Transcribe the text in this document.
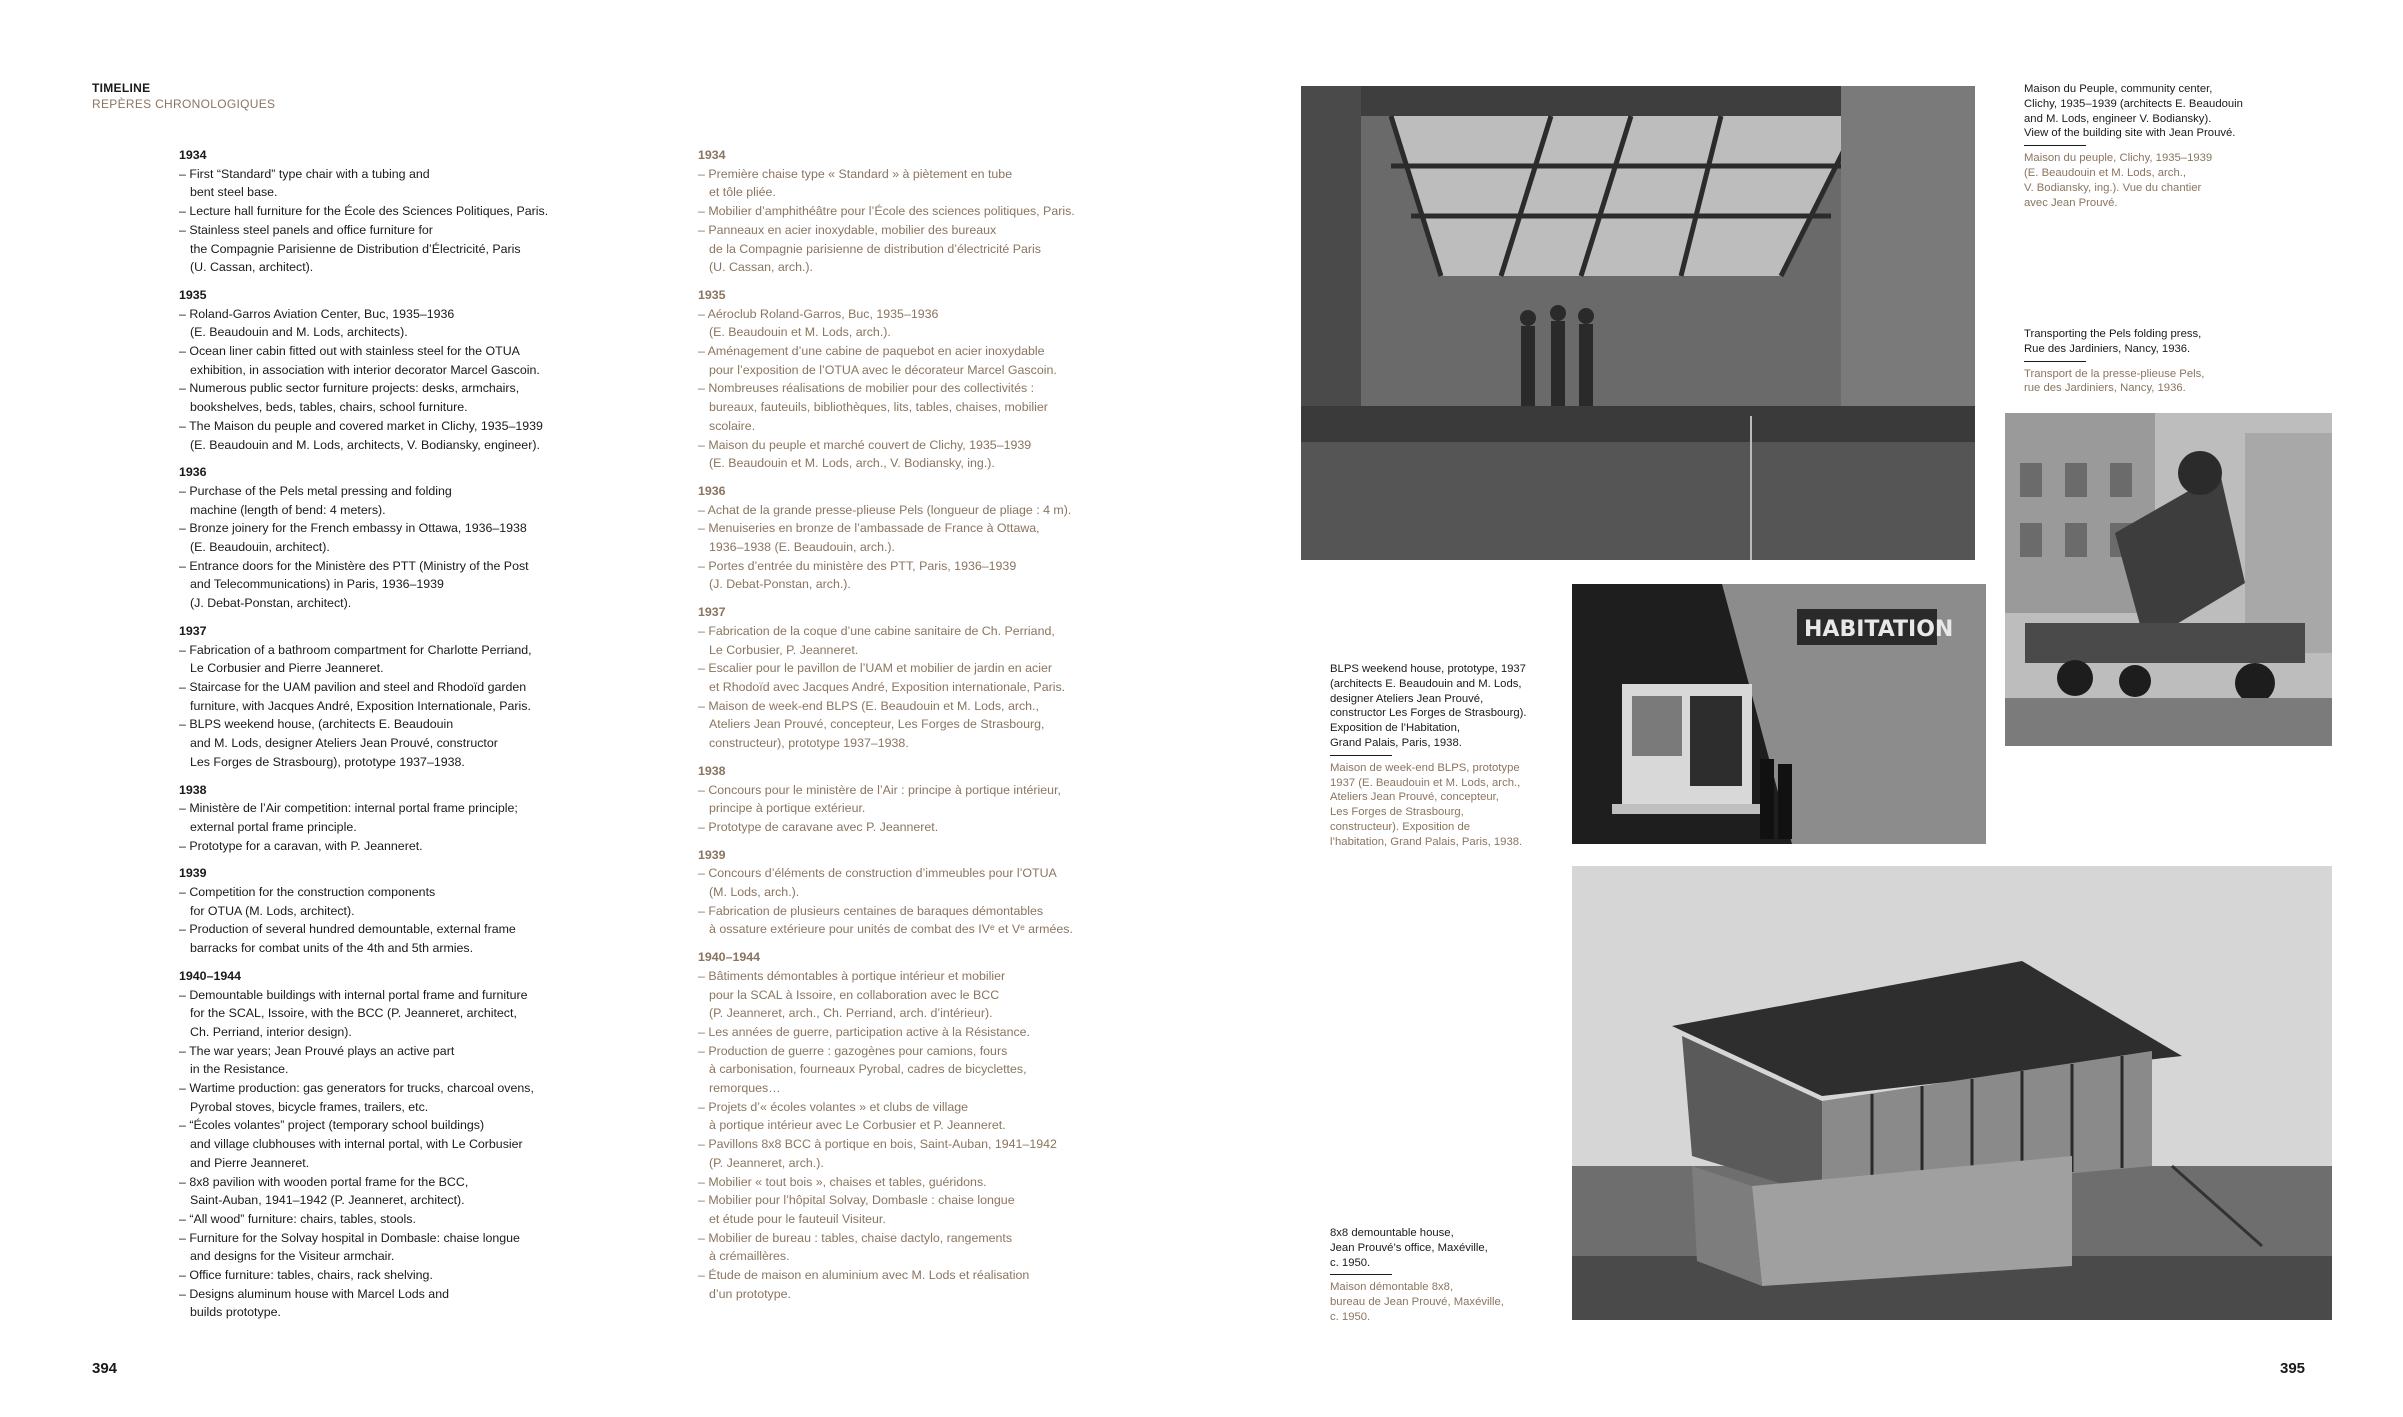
TIMELINE
REPÈRES CHRONOLOGIQUES
1934
– First “Standard” type chair with a tubing and
bent steel base.
– Lecture hall furniture for the École des Sciences Politiques, Paris.
– Stainless steel panels and office furniture for
the Compagnie Parisienne de Distribution d’Électricité, Paris
(U. Cassan, architect).
1935
– Roland-Garros Aviation Center, Buc, 1935–1936
(E. Beaudouin and M. Lods, architects).
– Ocean liner cabin fitted out with stainless steel for the OTUA
exhibition, in association with interior decorator Marcel Gascoin.
– Numerous public sector furniture projects: desks, armchairs,
bookshelves, beds, tables, chairs, school furniture.
– The Maison du peuple and covered market in Clichy, 1935–1939
(E. Beaudouin and M. Lods, architects, V. Bodiansky, engineer).
1936
– Purchase of the Pels metal pressing and folding
machine (length of bend: 4 meters).
– Bronze joinery for the French embassy in Ottawa, 1936–1938
(E. Beaudouin, architect).
– Entrance doors for the Ministère des PTT (Ministry of the Post
and Telecommunications) in Paris, 1936–1939
(J. Debat-Ponstan, architect).
1937
– Fabrication of a bathroom compartment for Charlotte Perriand,
Le Corbusier and Pierre Jeanneret.
– Staircase for the UAM pavilion and steel and Rhodoïd garden
furniture, with Jacques André, Exposition Internationale, Paris.
– BLPS weekend house, (architects E. Beaudouin
and M. Lods, designer Ateliers Jean Prouvé, constructor
Les Forges de Strasbourg), prototype 1937–1938.
1938
– Ministère de l’Air competition: internal portal frame principle;
external portal frame principle.
– Prototype for a caravan, with P. Jeanneret.
1939
– Competition for the construction components
for OTUA (M. Lods, architect).
– Production of several hundred demountable, external frame
barracks for combat units of the 4th and 5th armies.
1940–1944
– Demountable buildings with internal portal frame and furniture
for the SCAL, Issoire, with the BCC (P. Jeanneret, architect,
Ch. Perriand, interior design).
– The war years; Jean Prouvé plays an active part
in the Resistance.
– Wartime production: gas generators for trucks, charcoal ovens,
Pyrobal stoves, bicycle frames, trailers, etc.
– “Écoles volantes” project (temporary school buildings)
and village clubhouses with internal portal, with Le Corbusier
and Pierre Jeanneret.
– 8x8 pavilion with wooden portal frame for the BCC,
Saint-Auban, 1941–1942 (P. Jeanneret, architect).
– “All wood” furniture: chairs, tables, stools.
– Furniture for the Solvay hospital in Dombasle: chaise longue
and designs for the Visiteur armchair.
– Office furniture: tables, chairs, rack shelving.
– Designs aluminum house with Marcel Lods and
builds prototype.
1934
– Première chaise type « Standard » à piètement en tube
et tôle pliée.
– Mobilier d’amphithéâtre pour l’École des sciences politiques, Paris.
– Panneaux en acier inoxydable, mobilier des bureaux
de la Compagnie parisienne de distribution d’électricité Paris
(U. Cassan, arch.).
1935
– Aéroclub Roland-Garros, Buc, 1935–1936
(E. Beaudouin et M. Lods, arch.).
– Aménagement d’une cabine de paquebot en acier inoxydable
pour l’exposition de l’OTUA avec le décorateur Marcel Gascoin.
– Nombreuses réalisations de mobilier pour des collectivités :
bureaux, fauteuils, bibliothèques, lits, tables, chaises, mobilier
scolaire.
– Maison du peuple et marché couvert de Clichy, 1935–1939
(E. Beaudouin et M. Lods, arch., V. Bodiansky, ing.).
1936
– Achat de la grande presse-plieuse Pels (longueur de pliage : 4 m).
– Menuiseries en bronze de l’ambassade de France à Ottawa,
1936–1938 (E. Beaudouin, arch.).
– Portes d’entrée du ministère des PTT, Paris, 1936–1939
(J. Debat-Ponstan, arch.).
1937
– Fabrication de la coque d’une cabine sanitaire de Ch. Perriand,
Le Corbusier, P. Jeanneret.
– Escalier pour le pavillon de l’UAM et mobilier de jardin en acier
et Rhodoïd avec Jacques André, Exposition internationale, Paris.
– Maison de week-end BLPS (E. Beaudouin et M. Lods, arch.,
Ateliers Jean Prouvé, concepteur, Les Forges de Strasbourg,
constructeur), prototype 1937–1938.
1938
– Concours pour le ministère de l’Air : principe à portique intérieur,
principe à portique extérieur.
– Prototype de caravane avec P. Jeanneret.
1939
– Concours d’éléments de construction d’immeubles pour l’OTUA
(M. Lods, arch.).
– Fabrication de plusieurs centaines de baraques démontables
à ossature extérieure pour unités de combat des IVᵉ et Vᵉ armées.
1940–1944
– Bâtiments démontables à portique intérieur et mobilier
pour la SCAL à Issoire, en collaboration avec le BCC
(P. Jeanneret, arch., Ch. Perriand, arch. d’intérieur).
– Les années de guerre, participation active à la Résistance.
– Production de guerre : gazogènes pour camions, fours
à carbonisation, fourneaux Pyrobal, cadres de bicyclettes,
remorques…
– Projets d’« écoles volantes » et clubs de village
à portique intérieur avec Le Corbusier et P. Jeanneret.
– Pavillons 8x8 BCC à portique en bois, Saint-Auban, 1941–1942
(P. Jeanneret, arch.).
– Mobilier « tout bois », chaises et tables, guéridons.
– Mobilier pour l’hôpital Solvay, Dombasle : chaise longue
et étude pour le fauteuil Visiteur.
– Mobilier de bureau : tables, chaise dactylo, rangements
à crémaillères.
– Étude de maison en aluminium avec M. Lods et réalisation
d’un prototype.
394	395
HABITATION
Maison du Peuple, community center,
Clichy, 1935–1939 (architects E. Beaudouin
and M. Lods, engineer V. Bodiansky).
View of the building site with Jean Prouvé.
Maison du peuple, Clichy, 1935–1939
(E. Beaudouin et M. Lods, arch.,
V. Bodiansky, ing.). Vue du chantier
avec Jean Prouvé.
Transporting the Pels folding press,
Rue des Jardiniers, Nancy, 1936.
Transport de la presse-plieuse Pels,
rue des Jardiniers, Nancy, 1936.
BLPS weekend house, prototype, 1937
(architects E. Beaudouin and M. Lods,
designer Ateliers Jean Prouvé,
constructor Les Forges de Strasbourg).
Exposition de l’Habitation,
Grand Palais, Paris, 1938.
Maison de week-end BLPS, prototype
1937 (E. Beaudouin et M. Lods, arch.,
Ateliers Jean Prouvé, concepteur,
Les Forges de Strasbourg,
constructeur). Exposition de
l’habitation, Grand Palais, Paris, 1938.
8x8 demountable house,
Jean Prouvé’s office, Maxéville,
c. 1950.
Maison démontable 8x8,
bureau de Jean Prouvé, Maxéville,
c. 1950.
